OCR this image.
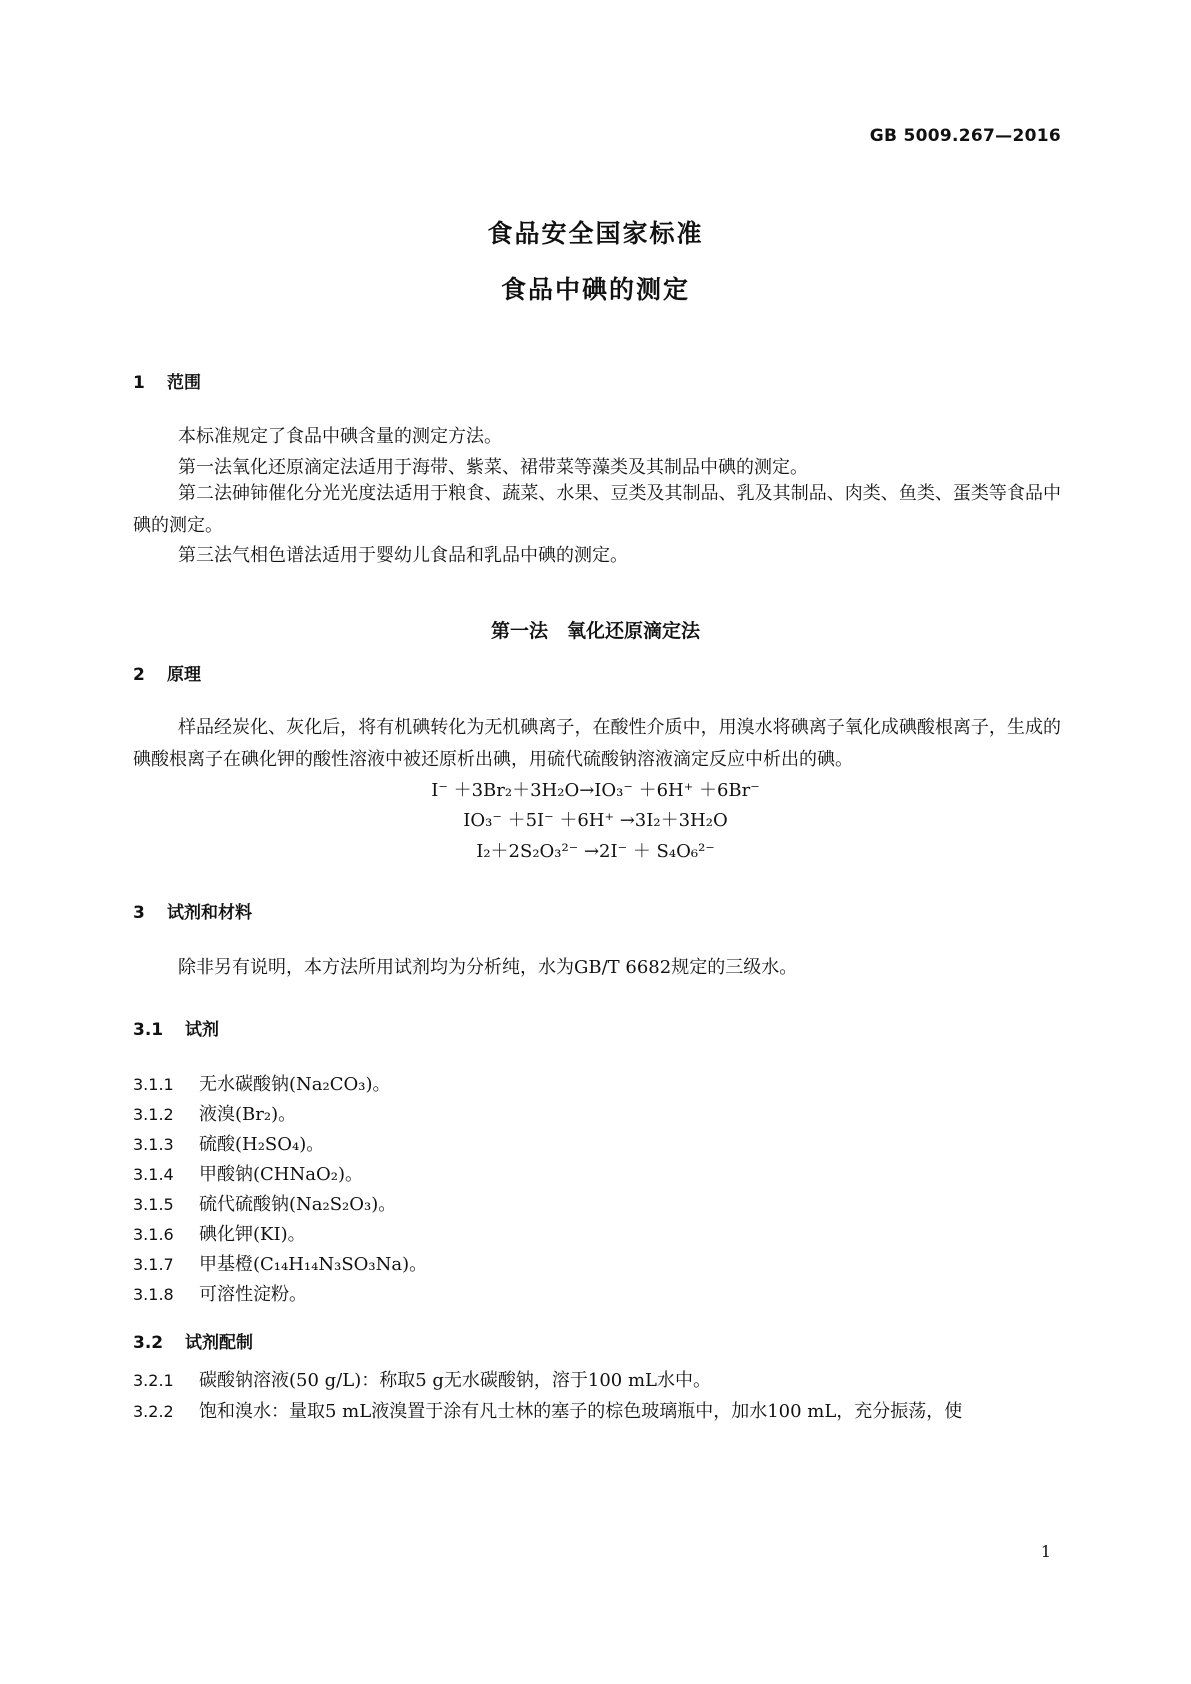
GB 5009.267—2016
食品安全国家标准
食品中碘的测定
1 范围
本标准规定了食品中碘含量的测定方法。
第一法氧化还原滴定法适用于海带、紫菜、裙带菜等藻类及其制品中碘的测定。
第二法砷铈催化分光光度法适用于粮食、蔬菜、水果、豆类及其制品、乳及其制品、肉类、鱼类、蛋类等食品中碘的测定。
第三法气相色谱法适用于婴幼儿食品和乳品中碘的测定。
第一法　氧化还原滴定法
2 原理
样品经炭化、灰化后，将有机碘转化为无机碘离子，在酸性介质中，用溴水将碘离子氧化成碘酸根离子，生成的碘酸根离子在碘化钾的酸性溶液中被还原析出碘，用硫代硫酸钠溶液滴定反应中析出的碘。
I⁻ ＋3Br₂＋3H₂O→IO₃⁻ ＋6H⁺ ＋6Br⁻
IO₃⁻ ＋5I⁻ ＋6H⁺ →3I₂＋3H₂O
I₂＋2S₂O₃²⁻ →2I⁻ ＋ S₄O₆²⁻
3 试剂和材料
除非另有说明，本方法所用试剂均为分析纯，水为GB/T 6682规定的三级水。
3.1 试剂
3.1.1 无水碳酸钠(Na₂CO₃)。
3.1.2 液溴(Br₂)。
3.1.3 硫酸(H₂SO₄)。
3.1.4 甲酸钠(CHNaO₂)。
3.1.5 硫代硫酸钠(Na₂S₂O₃)。
3.1.6 碘化钾(KI)。
3.1.7 甲基橙(C₁₄H₁₄N₃SO₃Na)。
3.1.8 可溶性淀粉。
3.2 试剂配制
3.2.1 碳酸钠溶液(50 g/L)：称取5 g无水碳酸钠，溶于100 mL水中。
3.2.2 饱和溴水：量取5 mL液溴置于涂有凡士林的塞子的棕色玻璃瓶中，加水100 mL，充分振荡，使
1
